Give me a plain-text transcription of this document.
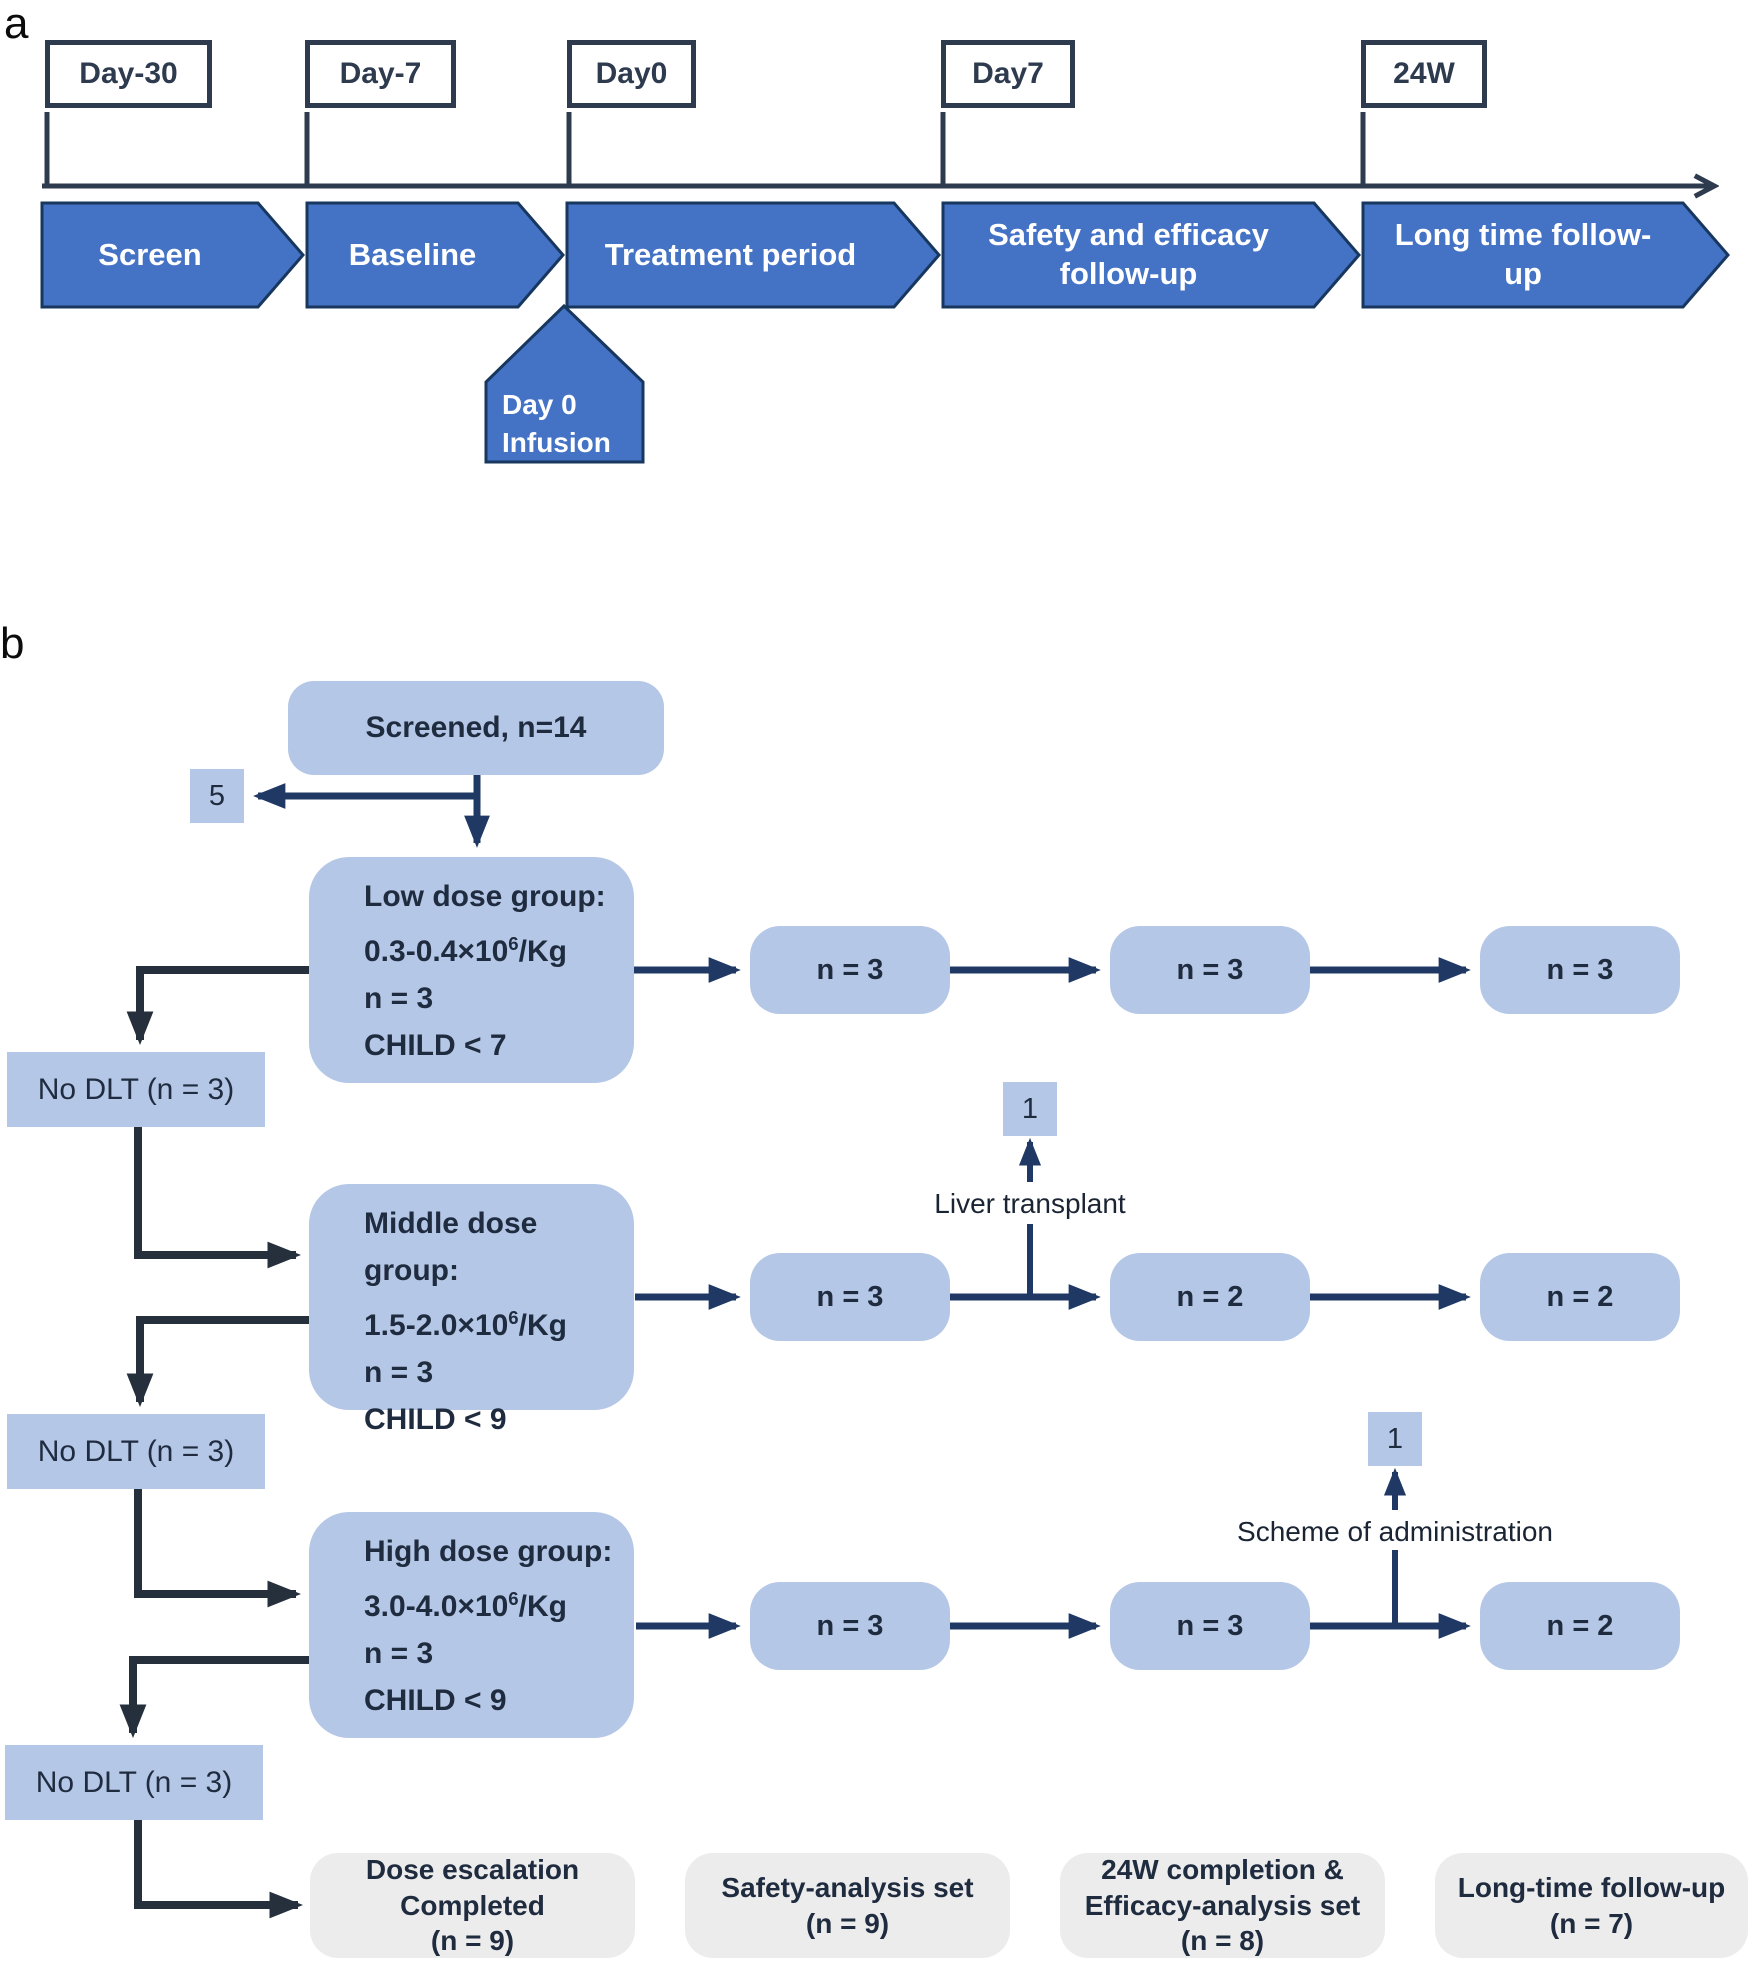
a
Day-30	Day-7	Day0	Day7	24W
Screen	Baseline	Treatment period
Safety and efficacy
follow-up
Long time follow-
up
Day 0
Infusion
b
Screened, n=14
5
Low dose group:
$0.3-0.4\times 10^6/Kg$
n = 3
CHILD < 7
Middle dose group:
$1.5-2.0\times 10^6/Kg$
n = 3
CHILD < 9
High dose group:
$3.0-4.0\times 10^6/Kg$
n = 3
CHILD < 9
No DLT (n = 3)
No DLT (n = 3)
No DLT (n = 3)
n = 3	n = 3	n = 3
n = 3	n = 2	n = 2
n = 3	n = 3	n = 2
1
Liver transplant
1
Scheme of administration
Dose escalation
Completed
(n = 9)
Safety-analysis set
(n = 9)
24W completion &
Efficacy-analysis set
(n = 8)
Long-time follow-up
(n = 7)
